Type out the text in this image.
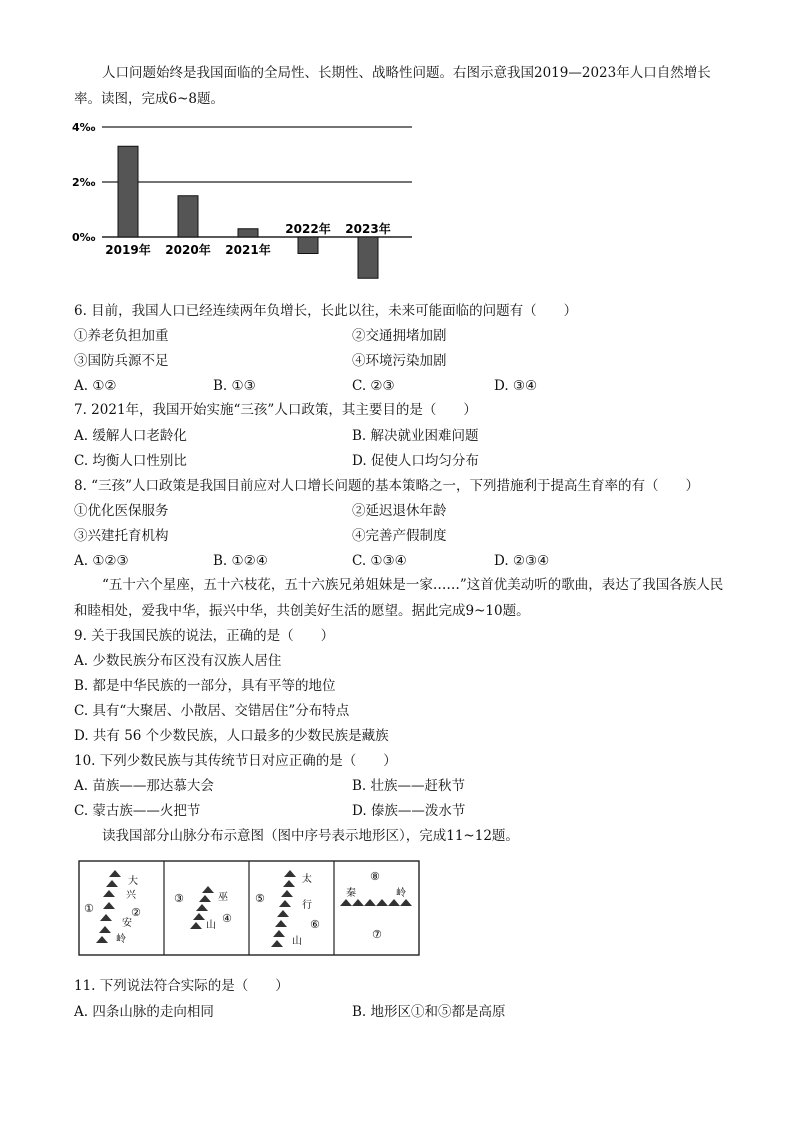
人口问题始终是我国面临的全局性、长期性、战略性问题。右图示意我国2019—2023年人口自然增长率。读图，完成6~8题。
4‰
2‰
0‰
2019年 2020年 2021年
2022年 2023年
6. 目前，我国人口已经连续两年负增长，长此以往，未来可能面临的问题有（　　）
①养老负担加重	②交通拥堵加剧
③国防兵源不足	④环境污染加剧
A. ①②	B. ①③	C. ②③	D. ③④
7. 2021年，我国开始实施“三孩”人口政策，其主要目的是（　　）
A. 缓解人口老龄化	B. 解决就业困难问题
C. 均衡人口性别比	D. 促使人口均匀分布
8. “三孩”人口政策是我国目前应对人口增长问题的基本策略之一，下列措施利于提高生育率的有（　　）
①优化医保服务	②延迟退休年龄
③兴建托育机构	④完善产假制度
A. ①②③	B. ①②④	C. ①③④	D. ②③④
“五十六个星座，五十六枝花，五十六族兄弟姐妹是一家……”这首优美动听的歌曲，表达了我国各族人民和睦相处，爱我中华，振兴中华，共创美好生活的愿望。据此完成9~10题。
9. 关于我国民族的说法，正确的是（　　）
A. 少数民族分布区没有汉族人居住
B. 都是中华民族的一部分，具有平等的地位
C. 具有“大聚居、小散居、交错居住”分布特点
D. 共有 56 个少数民族，人口最多的少数民族是藏族
10. 下列少数民族与其传统节日对应正确的是（　　）
A. 苗族——那达慕大会	B. 壮族——赶秋节
C. 蒙古族——火把节	D. 傣族——泼水节
读我国部分山脉分布示意图（图中序号表示地形区），完成11~12题。
①	②
大
兴
安
岭
③
④
巫
山
⑤
⑥
太
行
山
⑧
⑦
秦	岭
11. 下列说法符合实际的是（　　）
A. 四条山脉的走向相同	B. 地形区①和⑤都是高原
